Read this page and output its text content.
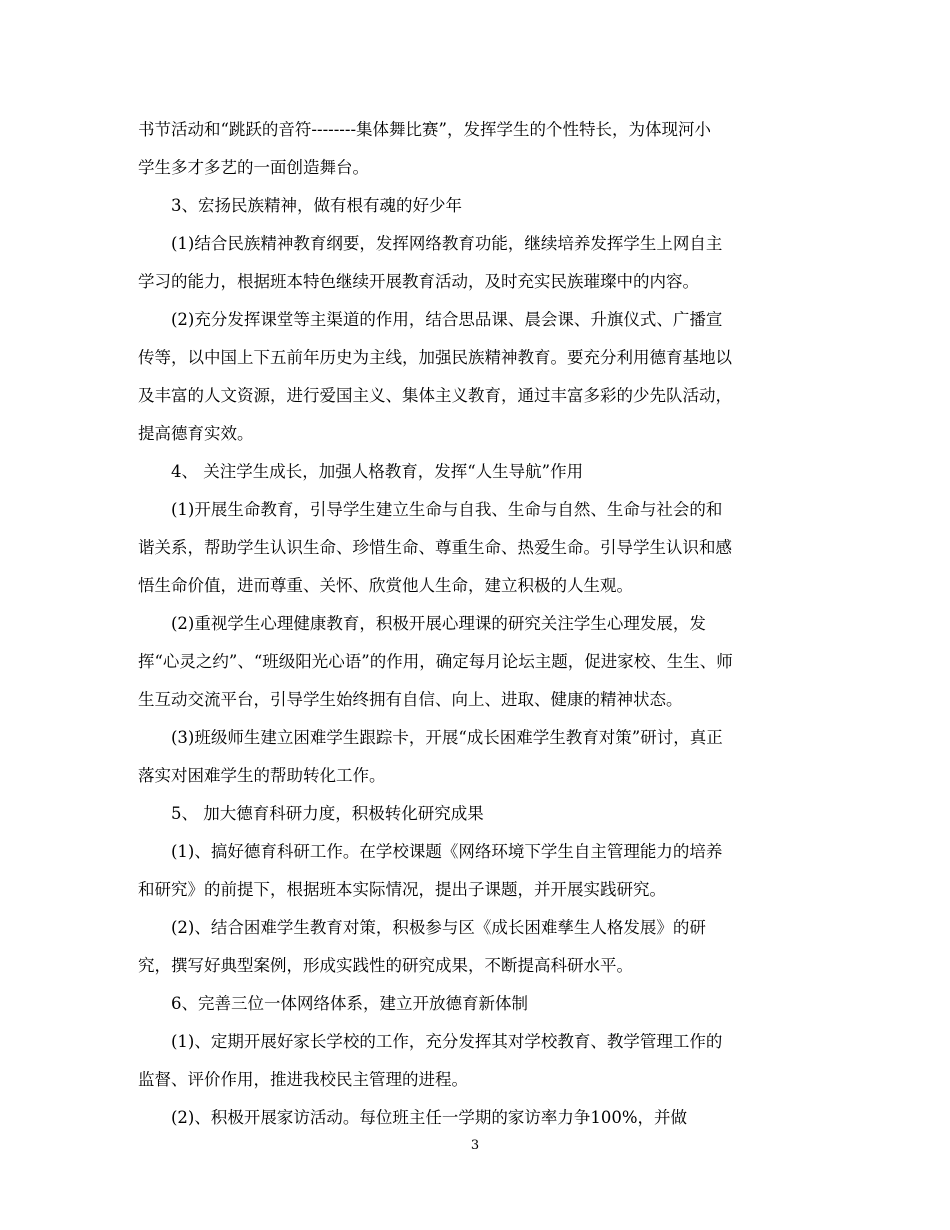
书节活动和“跳跃的音符--------集体舞比赛”，发挥学生的个性特长，为体现河小
学生多才多艺的一面创造舞台。
3、宏扬民族精神，做有根有魂的好少年
(1)结合民族精神教育纲要，发挥网络教育功能，继续培养发挥学生上网自主
学习的能力，根据班本特色继续开展教育活动，及时充实民族璀璨中的内容。
(2)充分发挥课堂等主渠道的作用，结合思品课、晨会课、升旗仪式、广播宣
传等，以中国上下五前年历史为主线，加强民族精神教育。要充分利用德育基地以
及丰富的人文资源，进行爱国主义、集体主义教育，通过丰富多彩的少先队活动，
提高德育实效。
4、 关注学生成长，加强人格教育，发挥“人生导航”作用
(1)开展生命教育，引导学生建立生命与自我、生命与自然、生命与社会的和
谐关系，帮助学生认识生命、珍惜生命、尊重生命、热爱生命。引导学生认识和感
悟生命价值，进而尊重、关怀、欣赏他人生命，建立积极的人生观。
(2)重视学生心理健康教育，积极开展心理课的研究关注学生心理发展，发
挥“心灵之约”、“班级阳光心语”的作用，确定每月论坛主题，促进家校、生生、师
生互动交流平台，引导学生始终拥有自信、向上、进取、健康的精神状态。
(3)班级师生建立困难学生跟踪卡，开展“成长困难学生教育对策”研讨，真正
落实对困难学生的帮助转化工作。
5、 加大德育科研力度，积极转化研究成果
(1)、搞好德育科研工作。在学校课题《网络环境下学生自主管理能力的培养
和研究》的前提下，根据班本实际情况，提出子课题，并开展实践研究。
(2)、结合困难学生教育对策，积极参与区《成长困难孳生人格发展》的研
究，撰写好典型案例，形成实践性的研究成果，不断提高科研水平。
6、完善三位一体网络体系，建立开放德育新体制
(1)、定期开展好家长学校的工作，充分发挥其对学校教育、教学管理工作的
监督、评价作用，推进我校民主管理的进程。
(2)、积极开展家访活动。每位班主任一学期的家访率力争100%，并做
3
